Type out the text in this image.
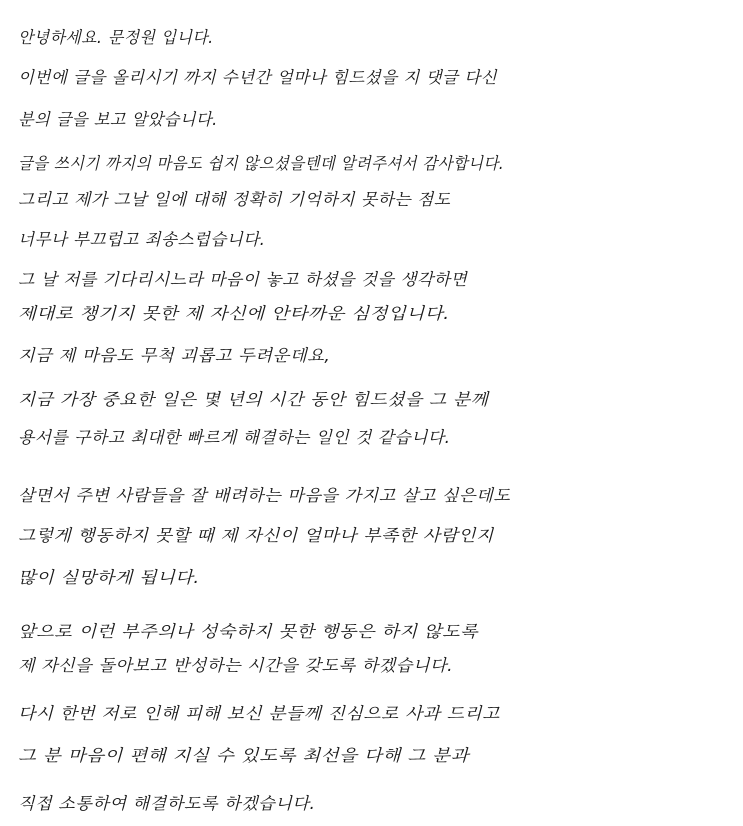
안녕하세요. 문정원 입니다.
이번에 글을 올리시기 까지 수년간 얼마나 힘드셨을 지 댓글 다신
분의 글을 보고 알았습니다.
글을 쓰시기 까지의 마음도 쉽지 않으셨을텐데 알려주셔서 감사합니다.
그리고 제가 그날 일에 대해 정확히 기억하지 못하는 점도
너무나 부끄럽고 죄송스럽습니다.
그 날 저를 기다리시느라 마음이 놓고 하셨을 것을 생각하면
제대로 챙기지 못한 제 자신에 안타까운 심정입니다.
지금 제 마음도 무척 괴롭고 두려운데요,
지금 가장 중요한 일은 몇 년의 시간 동안 힘드셨을 그 분께
용서를 구하고 최대한 빠르게 해결하는 일인 것 같습니다.
살면서 주변 사람들을 잘 배려하는 마음을 가지고 살고 싶은데도
그렇게 행동하지 못할 때 제 자신이 얼마나 부족한 사람인지
많이 실망하게 됩니다.
앞으로 이런 부주의나 성숙하지 못한 행동은 하지 않도록
제 자신을 돌아보고 반성하는 시간을 갖도록 하겠습니다.
다시 한번 저로 인해 피해 보신 분들께 진심으로 사과 드리고
그 분 마음이 편해 지실 수 있도록 최선을 다해 그 분과
직접 소통하여 해결하도록 하겠습니다.
